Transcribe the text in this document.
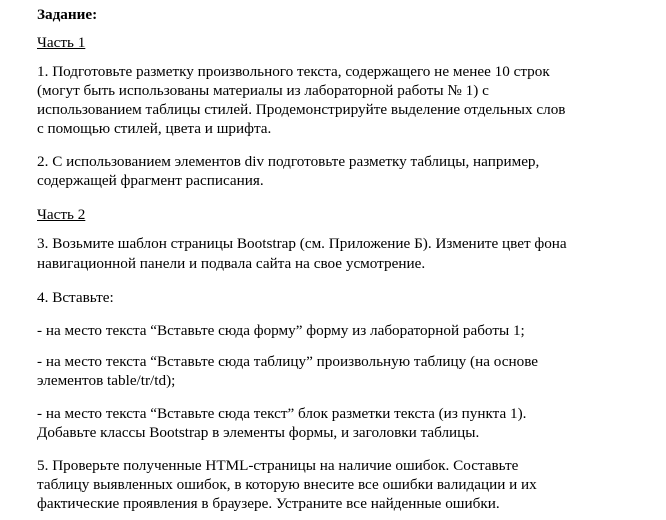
Задание:
Часть 1
1. Подготовьте разметку произвольного текста, содержащего не менее 10 строк
(могут быть использованы материалы из лабораторной работы № 1) с
использованием таблицы стилей. Продемонстрируйте выделение отдельных слов
с помощью стилей, цвета и шрифта.
2. С использованием элементов div подготовьте разметку таблицы, например,
содержащей фрагмент расписания.
Часть 2
3. Возьмите шаблон страницы Bootstrap (см. Приложение Б). Измените цвет фона
навигационной панели и подвала сайта на свое усмотрение.
4. Вставьте:
- на место текста “Вставьте сюда форму” форму из лабораторной работы 1;
- на место текста “Вставьте сюда таблицу” произвольную таблицу (на основе
элементов table/tr/td);
- на место текста “Вставьте сюда текст” блок разметки текста (из пункта 1).
Добавьте классы Bootstrap в элементы формы, и заголовки таблицы.
5. Проверьте полученные HTML-страницы на наличие ошибок. Составьте
таблицу выявленных ошибок, в которую внесите все ошибки валидации и их
фактические проявления в браузере. Устраните все найденные ошибки.
